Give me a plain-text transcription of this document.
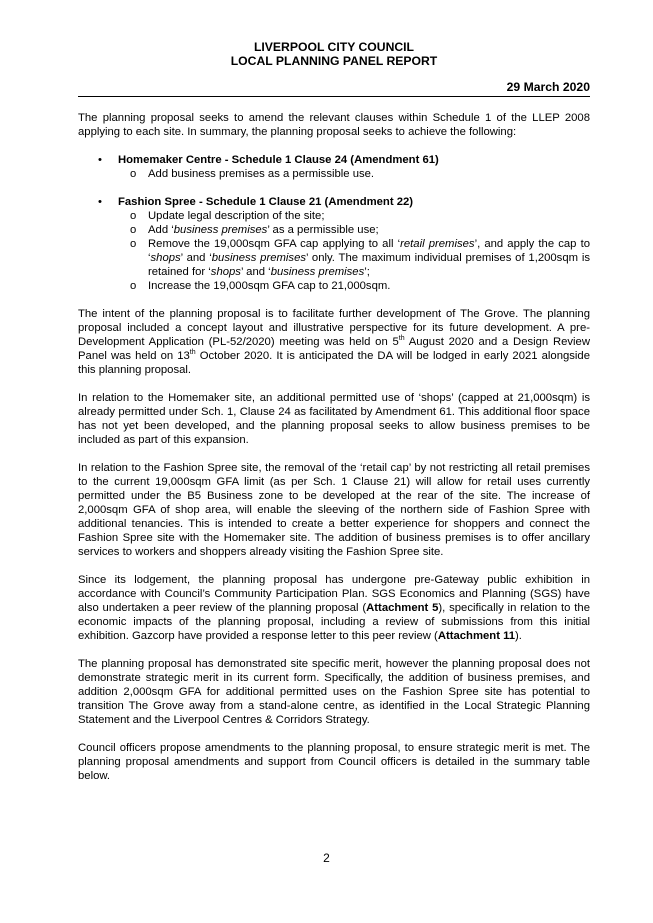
LIVERPOOL CITY COUNCIL
LOCAL PLANNING PANEL REPORT
29 March 2020

The planning proposal seeks to amend the relevant clauses within Schedule 1 of the LLEP 2008 applying to each site. In summary, the planning proposal seeks to achieve the following:

• Homemaker Centre - Schedule 1 Clause 24 (Amendment 61)
o Add business premises as a permissible use.
• Fashion Spree - Schedule 1 Clause 21 (Amendment 22)
o Update legal description of the site;
o Add ‘business premises’ as a permissible use;
o Remove the 19,000sqm GFA cap applying to all ‘retail premises’, and apply the cap to ‘shops’ and ‘business premises’ only. The maximum individual premises of 1,200sqm is retained for ‘shops’ and ‘business premises’;
o Increase the 19,000sqm GFA cap to 21,000sqm.

The intent of the planning proposal is to facilitate further development of The Grove. The planning proposal included a concept layout and illustrative perspective for its future development. A pre-Development Application (PL-52/2020) meeting was held on 5th August 2020 and a Design Review Panel was held on 13th October 2020. It is anticipated the DA will be lodged in early 2021 alongside this planning proposal.

In relation to the Homemaker site, an additional permitted use of ‘shops’ (capped at 21,000sqm) is already permitted under Sch. 1, Clause 24 as facilitated by Amendment 61. This additional floor space has not yet been developed, and the planning proposal seeks to allow business premises to be included as part of this expansion.

In relation to the Fashion Spree site, the removal of the ‘retail cap’ by not restricting all retail premises to the current 19,000sqm GFA limit (as per Sch. 1 Clause 21) will allow for retail uses currently permitted under the B5 Business zone to be developed at the rear of the site. The increase of 2,000sqm GFA of shop area, will enable the sleeving of the northern side of Fashion Spree with additional tenancies. This is intended to create a better experience for shoppers and connect the Fashion Spree site with the Homemaker site. The addition of business premises is to offer ancillary services to workers and shoppers already visiting the Fashion Spree site.

Since its lodgement, the planning proposal has undergone pre-Gateway public exhibition in accordance with Council’s Community Participation Plan. SGS Economics and Planning (SGS) have also undertaken a peer review of the planning proposal (Attachment 5), specifically in relation to the economic impacts of the planning proposal, including a review of submissions from this initial exhibition. Gazcorp have provided a response letter to this peer review (Attachment 11).

The planning proposal has demonstrated site specific merit, however the planning proposal does not demonstrate strategic merit in its current form. Specifically, the addition of business premises, and addition 2,000sqm GFA for additional permitted uses on the Fashion Spree site has potential to transition The Grove away from a stand-alone centre, as identified in the Local Strategic Planning Statement and the Liverpool Centres & Corridors Strategy.

Council officers propose amendments to the planning proposal, to ensure strategic merit is met. The planning proposal amendments and support from Council officers is detailed in the summary table below.

2
